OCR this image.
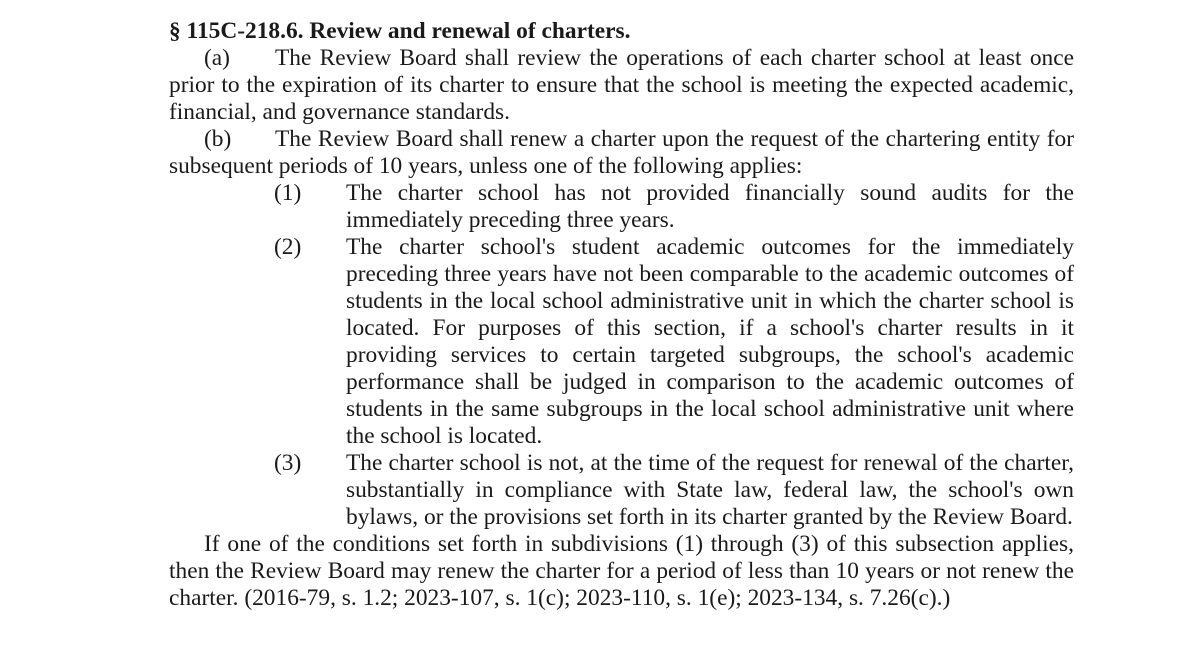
§ 115C-218.6. Review and renewal of charters.

(a) The Review Board shall review the operations of each charter school at least once prior to the expiration of its charter to ensure that the school is meeting the expected academic, financial, and governance standards.

(b) The Review Board shall renew a charter upon the request of the chartering entity for subsequent periods of 10 years, unless one of the following applies:

(1) The charter school has not provided financially sound audits for the immediately preceding three years.

(2) The charter school's student academic outcomes for the immediately preceding three years have not been comparable to the academic outcomes of students in the local school administrative unit in which the charter school is located. For purposes of this section, if a school's charter results in it providing services to certain targeted subgroups, the school's academic performance shall be judged in comparison to the academic outcomes of students in the same subgroups in the local school administrative unit where the school is located.

(3) The charter school is not, at the time of the request for renewal of the charter, substantially in compliance with State law, federal law, the school's own bylaws, or the provisions set forth in its charter granted by the Review Board.

If one of the conditions set forth in subdivisions (1) through (3) of this subsection applies, then the Review Board may renew the charter for a period of less than 10 years or not renew the charter. (2016-79, s. 1.2; 2023-107, s. 1(c); 2023-110, s. 1(e); 2023-134, s. 7.26(c).)
